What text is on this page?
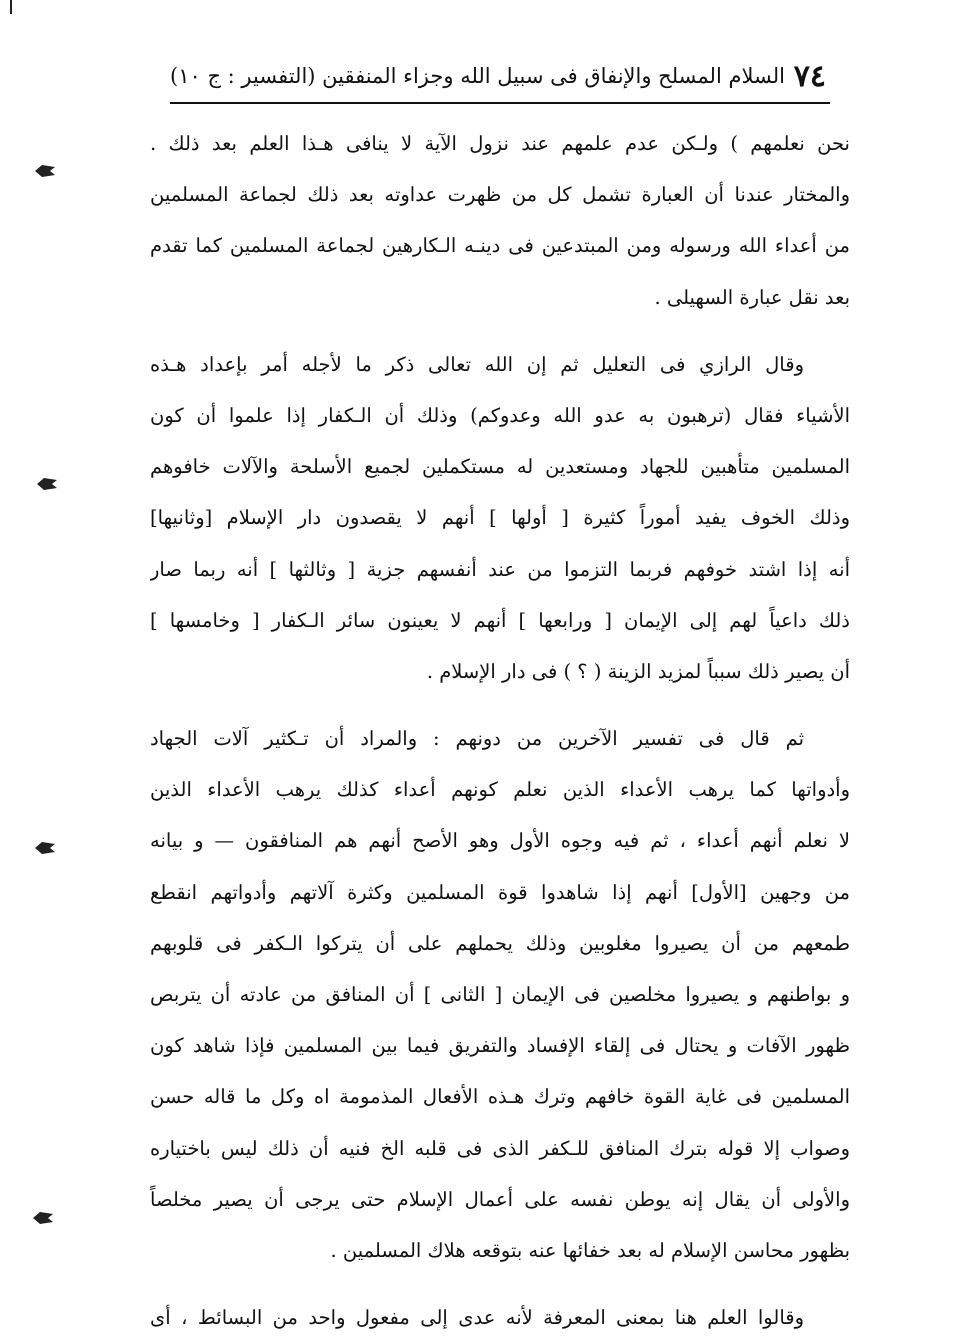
٧٤
السلام المسلح والإنفاق فى سبيل الله وجزاء المنفقين (التفسير : ج ١٠)
نحن نعلمهم ) ولـكن عدم علمهم عند نزول الآية لا ينافى هـذا العلم بعد ذلك .
والمختار عندنا أن العبارة تشمل كل من ظهرت عداوته بعد ذلك لجماعة المسلمين
من أعداء الله ورسوله ومن المبتدعين فى دينـه الـكارهين لجماعة المسلمين كما تقدم
بعد نقل عبارة السهيلى .
وقال الرازي فى التعليل ثم إن الله تعالى ذكر ما لأجله أمر بإعداد هـذه
الأشياء فقال (ترهبون به عدو الله وعدوكم) وذلك أن الـكفار إذا علموا أن كون
المسلمين متأهبين للجهاد ومستعدين له مستكملين لجميع الأسلحة والآلات خافوهم
وذلك الخوف يفيد أموراً كثيرة [ أولها ] أنهم لا يقصدون دار الإسلام [وثانيها]
أنه إذا اشتد خوفهم فربما التزموا من عند أنفسهم جزية [ وثالثها ] أنه ربما صار
ذلك داعياً لهم إلى الإيمان [ ورابعها ] أنهم لا يعينون سائر الـكفار [ وخامسها ]
أن يصير ذلك سبباً لمزيد الزينة ( ؟ ) فى دار الإسلام .
ثم قال فى تفسير الآخرين من دونهم : والمراد أن تـكثير آلات الجهاد
وأدواتها كما يرهب الأعداء الذين نعلم كونهم أعداء كذلك يرهب الأعداء الذين
لا نعلم أنهم أعداء ، ثم فيه وجوه الأول وهو الأصح أنهم هم المنافقون — و بيانه
من وجهين [الأول] أنهم إذا شاهدوا قوة المسلمين وكثرة آلاتهم وأدواتهم انقطع
طمعهم من أن يصيروا مغلوبين وذلك يحملهم على أن يتركوا الـكفر فى قلوبهم
و بواطنهم و يصيروا مخلصين فى الإيمان [ الثانى ] أن المنافق من عادته أن يتربص
ظهور الآفات و يحتال فى إلقاء الإفساد والتفريق فيما بين المسلمين فإذا شاهد كون
المسلمين فى غاية القوة خافهم وترك هـذه الأفعال المذمومة اه وكل ما قاله حسن
وصواب إلا قوله بترك المنافق للـكفر الذى فى قلبه الخ فنيه أن ذلك ليس باختياره
والأولى أن يقال إنه يوطن نفسه على أعمال الإسلام حتى يرجى أن يصير مخلصاً
بظهور محاسن الإسلام له بعد خفائها عنه بتوقعه هلاك المسلمين .
وقالوا العلم هنا بمعنى المعرفة لأنه عدى إلى مفعول واحد من البسائط ، أى
